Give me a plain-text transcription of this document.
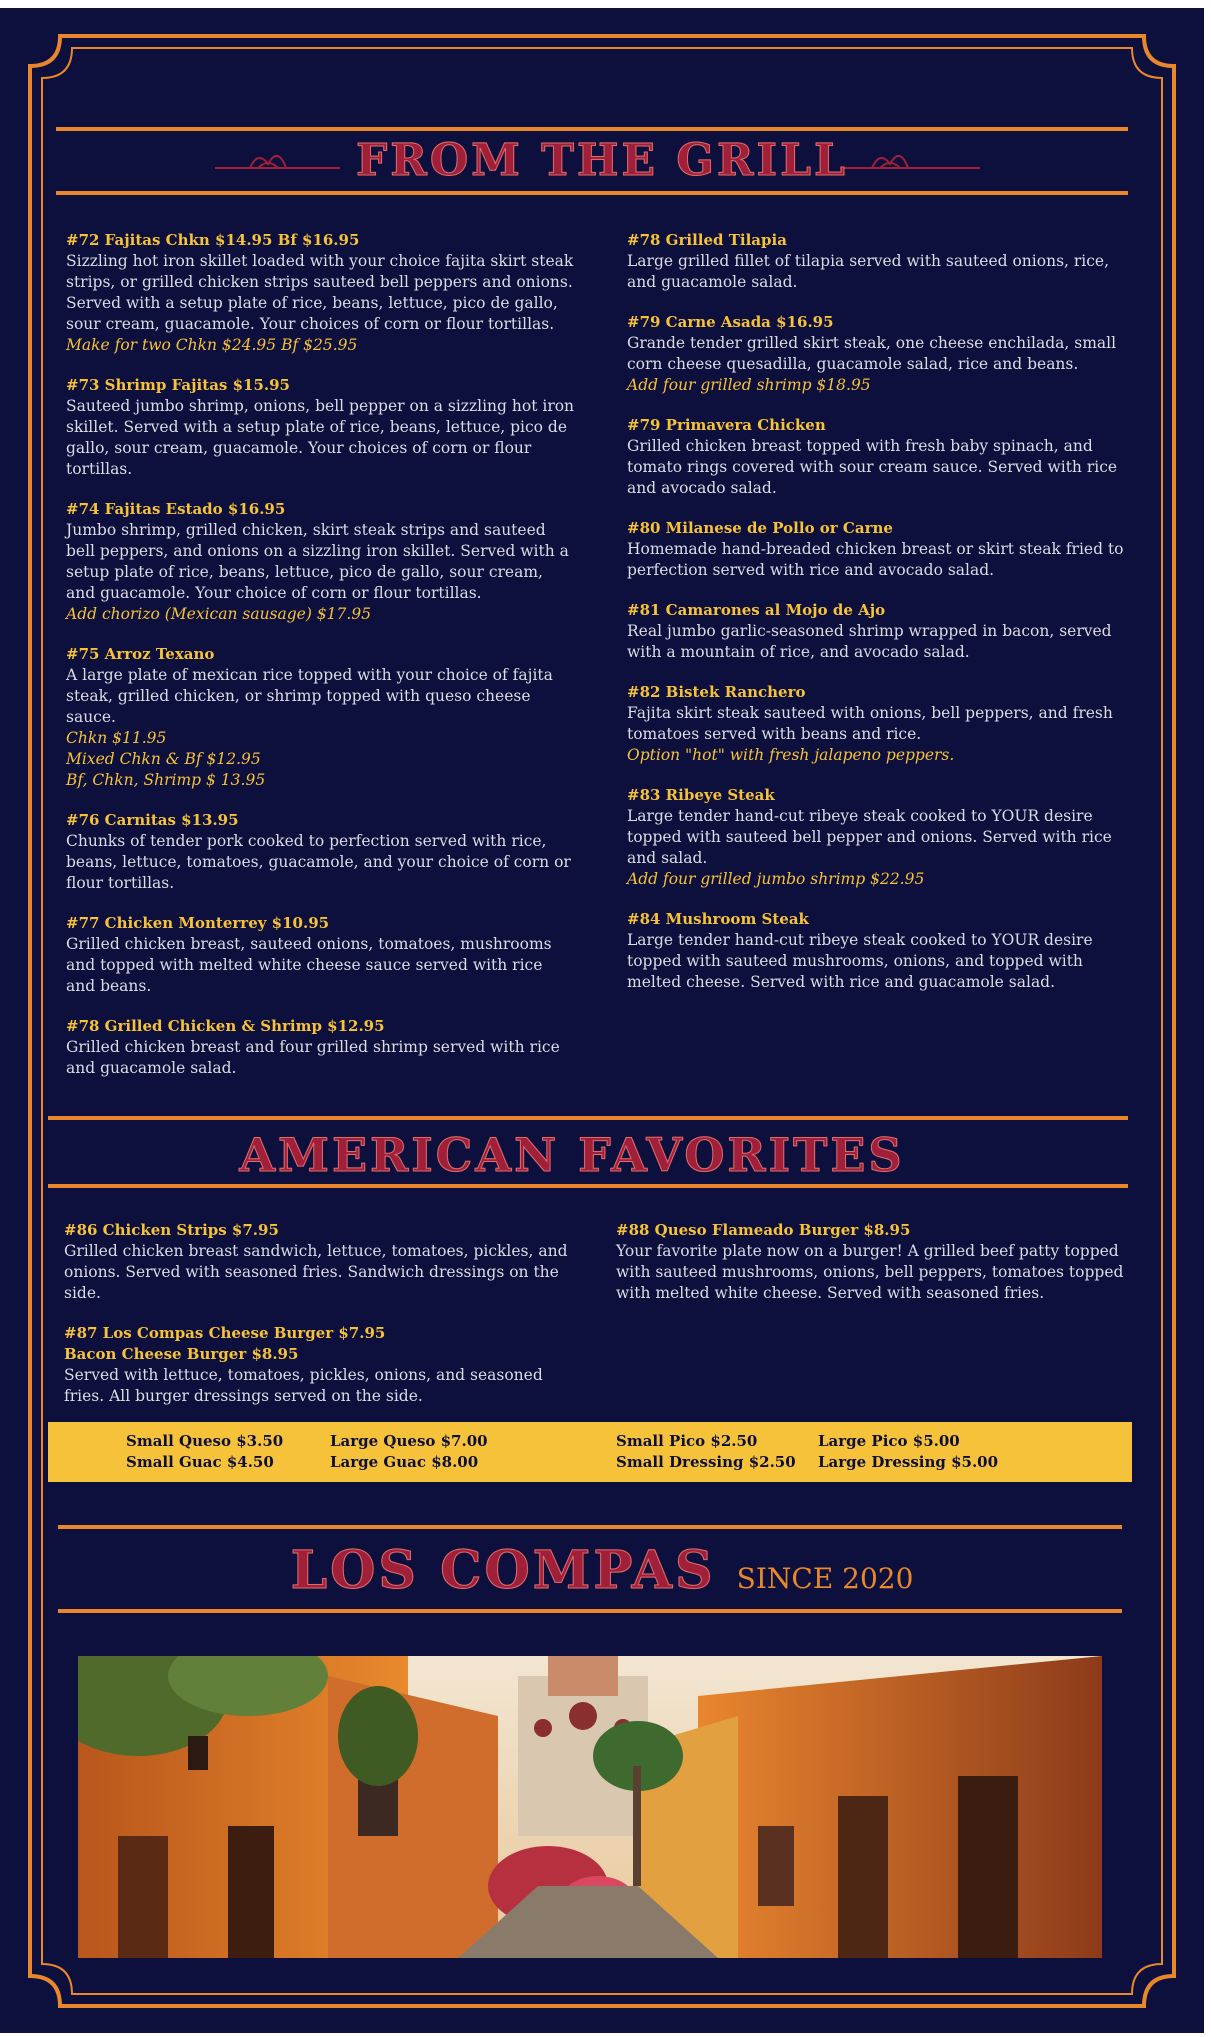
FROM THE GRILL
#72 Fajitas Chkn $14.95 Bf $16.95
Sizzling hot iron skillet loaded with your choice fajita skirt steak strips, or grilled chicken strips sauteed bell peppers and onions. Served with a setup plate of rice, beans, lettuce, pico de gallo, sour cream, guacamole. Your choices of corn or flour tortillas.
Make for two Chkn $24.95 Bf $25.95
#73 Shrimp Fajitas $15.95
Sauteed jumbo shrimp, onions, bell pepper on a sizzling hot iron skillet. Served with a setup plate of rice, beans, lettuce, pico de gallo, sour cream, guacamole. Your choices of corn or flour tortillas.
#74 Fajitas Estado $16.95
Jumbo shrimp, grilled chicken, skirt steak strips and sauteed bell peppers, and onions on a sizzling iron skillet. Served with a setup plate of rice, beans, lettuce, pico de gallo, sour cream, and guacamole. Your choice of corn or flour tortillas.
Add chorizo (Mexican sausage) $17.95
#75 Arroz Texano
A large plate of mexican rice topped with your choice of fajita steak, grilled chicken, or shrimp topped with queso cheese sauce.
Chkn $11.95
Mixed Chkn & Bf $12.95
Bf, Chkn, Shrimp $ 13.95
#76 Carnitas $13.95
Chunks of tender pork cooked to perfection served with rice, beans, lettuce, tomatoes, guacamole, and your choice of corn or flour tortillas.
#77 Chicken Monterrey $10.95
Grilled chicken breast, sauteed onions, tomatoes, mushrooms and topped with melted white cheese sauce served with rice and beans.
#78 Grilled Chicken & Shrimp $12.95
Grilled chicken breast and four grilled shrimp served with rice and guacamole salad.
#78 Grilled Tilapia
Large grilled fillet of tilapia served with sauteed onions, rice, and guacamole salad.
#79 Carne Asada $16.95
Grande tender grilled skirt steak, one cheese enchilada, small corn cheese quesadilla, guacamole salad, rice and beans.
Add four grilled shrimp $18.95
#79 Primavera Chicken
Grilled chicken breast topped with fresh baby spinach, and tomato rings covered with sour cream sauce. Served with rice and avocado salad.
#80 Milanese de Pollo or Carne
Homemade hand-breaded chicken breast or skirt steak fried to perfection served with rice and avocado salad.
#81 Camarones al Mojo de Ajo
Real jumbo garlic-seasoned shrimp wrapped in bacon, served with a mountain of rice, and avocado salad.
#82 Bistek Ranchero
Fajita skirt steak sauteed with onions, bell peppers, and fresh tomatoes served with beans and rice.
Option "hot" with fresh jalapeno peppers.
#83 Ribeye Steak
Large tender hand-cut ribeye steak cooked to YOUR desire topped with sauteed bell pepper and onions. Served with rice and salad.
Add four grilled jumbo shrimp $22.95
#84 Mushroom Steak
Large tender hand-cut ribeye steak cooked to YOUR desire topped with sauteed mushrooms, onions, and topped with melted cheese. Served with rice and guacamole salad.
AMERICAN FAVORITES
#86 Chicken Strips $7.95
Grilled chicken breast sandwich, lettuce, tomatoes, pickles, and onions. Served with seasoned fries. Sandwich dressings on the side.
#87 Los Compas Cheese Burger $7.95
Bacon Cheese Burger $8.95
Served with lettuce, tomatoes, pickles, onions, and seasoned fries. All burger dressings served on the side.
#88 Queso Flameado Burger $8.95
Your favorite plate now on a burger! A grilled beef patty topped with sauteed mushrooms, onions, bell peppers, tomatoes topped with melted white cheese. Served with seasoned fries.
Small Queso $3.50
Small Guac $4.50
Large Queso $7.00
Large Guac $8.00
Small Pico $2.50
Small Dressing $2.50
Large Pico $5.00
Large Dressing $5.00
LOS COMPAS SINCE 2020
